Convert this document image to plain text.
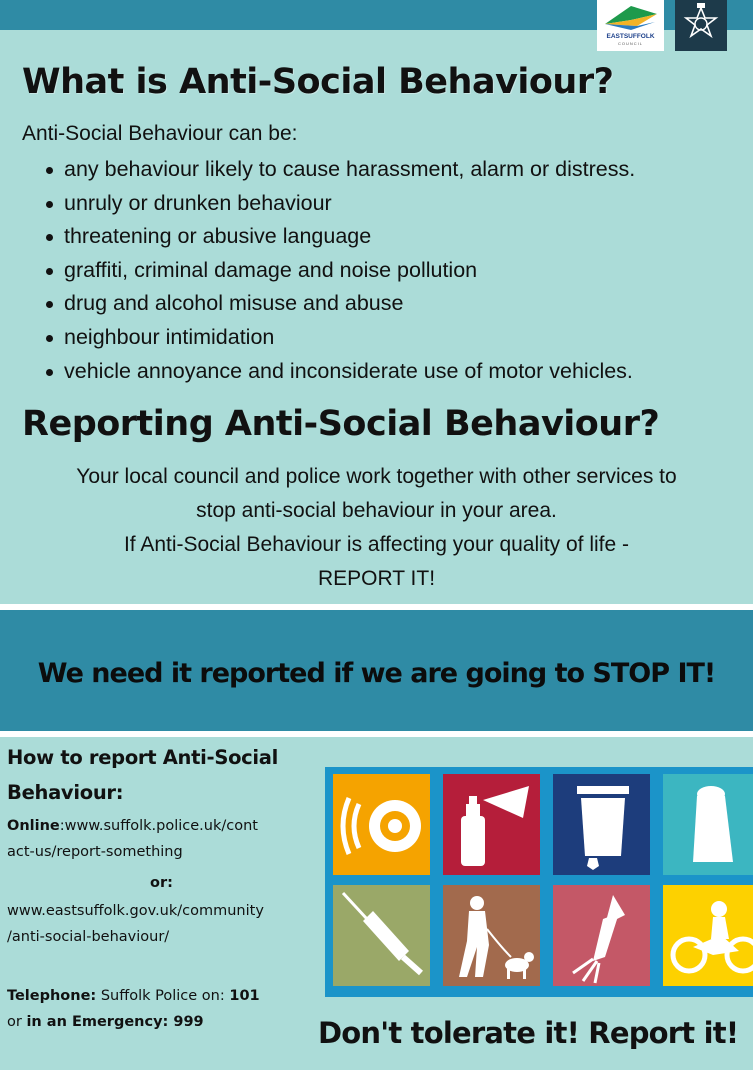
EASTSUFFOLK
COUNCIL
What is Anti-Social Behaviour?
Anti-Social Behaviour can be:
any behaviour likely to cause harassment, alarm or distress.
unruly or drunken behaviour
threatening or abusive language
graffiti, criminal damage and noise pollution
drug and alcohol misuse and abuse
neighbour intimidation
vehicle annoyance and inconsiderate use of motor vehicles.
Reporting Anti-Social Behaviour?
Your local council and police work together with other services to
stop anti-social behaviour in your area.
If Anti-Social Behaviour is affecting your quality of life -
REPORT IT!
We need it reported if we are going to STOP IT!
How to report Anti-Social
Behaviour:
Online:www.suffolk.police.uk/cont
act-us/report-something
or:
www.eastsuffolk.gov.uk/community
/anti-social-behaviour/
Telephone: Suffolk Police on: 101
or in an Emergency: 999	Don't tolerate it! Report it!
